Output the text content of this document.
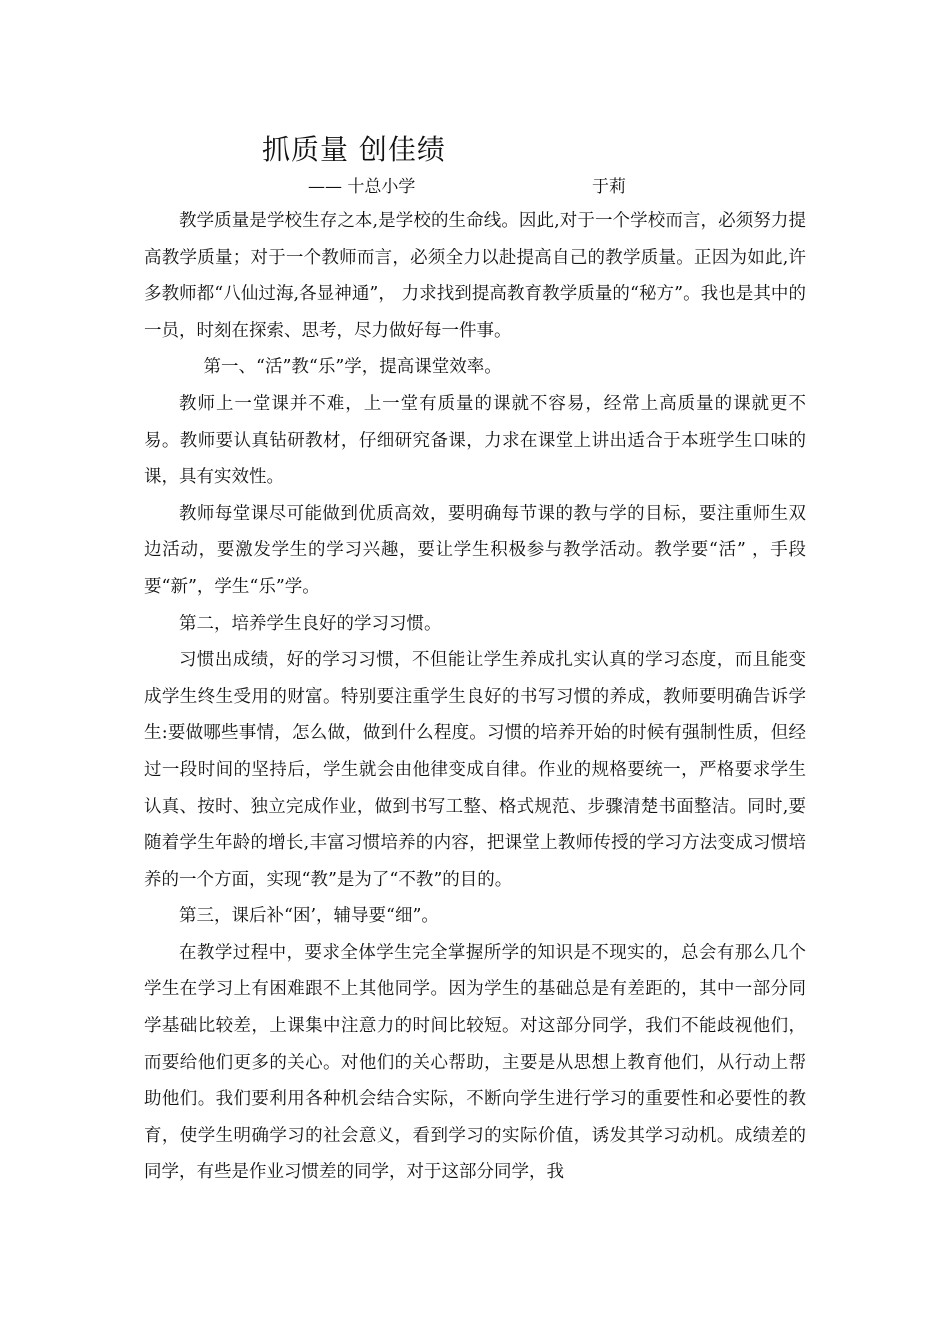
抓质量 创佳绩
—— 十总小学	于莉

教学质量是学校生存之本,是学校的生命线。因此,对于一个学校而言，必须努力提高教学质量；对于一个教师而言，必须全力以赴提高自己的教学质量。正因为如此,许多教师都“八仙过海,各显神通”， 力求找到提高教育教学质量的“秘方”。我也是其中的一员，时刻在探索、思考，尽力做好每一件事。

第一、“活”教“乐”学，提高课堂效率。

教师上一堂课并不难，上一堂有质量的课就不容易，经常上高质量的课就更不易。教师要认真钻研教材，仔细研究备课，力求在课堂上讲出适合于本班学生口味的课，具有实效性。

教师每堂课尽可能做到优质高效，要明确每节课的教与学的目标，要注重师生双边活动，要激发学生的学习兴趣，要让学生积极参与教学活动。教学要“活” ，手段要“新”，学生“乐”学。

第二，培养学生良好的学习习惯。

习惯出成绩，好的学习习惯，不但能让学生养成扎实认真的学习态度，而且能变成学生终生受用的财富。特别要注重学生良好的书写习惯的养成，教师要明确告诉学生:要做哪些事情，怎么做，做到什么程度。习惯的培养开始的时候有强制性质，但经过一段时间的坚持后，学生就会由他律变成自律。作业的规格要统一，严格要求学生认真、按时、独立完成作业，做到书写工整、格式规范、步骤清楚书面整洁。同时,要随着学生年龄的增长,丰富习惯培养的内容，把课堂上教师传授的学习方法变成习惯培养的一个方面，实现“教”是为了“不教”的目的。

第三，课后补“困’，辅导要“细”。

在教学过程中，要求全体学生完全掌握所学的知识是不现实的，总会有那么几个学生在学习上有困难跟不上其他同学。因为学生的基础总是有差距的，其中一部分同学基础比较差，上课集中注意力的时间比较短。对这部分同学，我们不能歧视他们，而要给他们更多的关心。对他们的关心帮助，主要是从思想上教育他们，从行动上帮助他们。我们要利用各种机会结合实际，不断向学生进行学习的重要性和必要性的教育，使学生明确学习的社会意义，看到学习的实际价值，诱发其学习动机。成绩差的同学，有些是作业习惯差的同学，对于这部分同学，我
